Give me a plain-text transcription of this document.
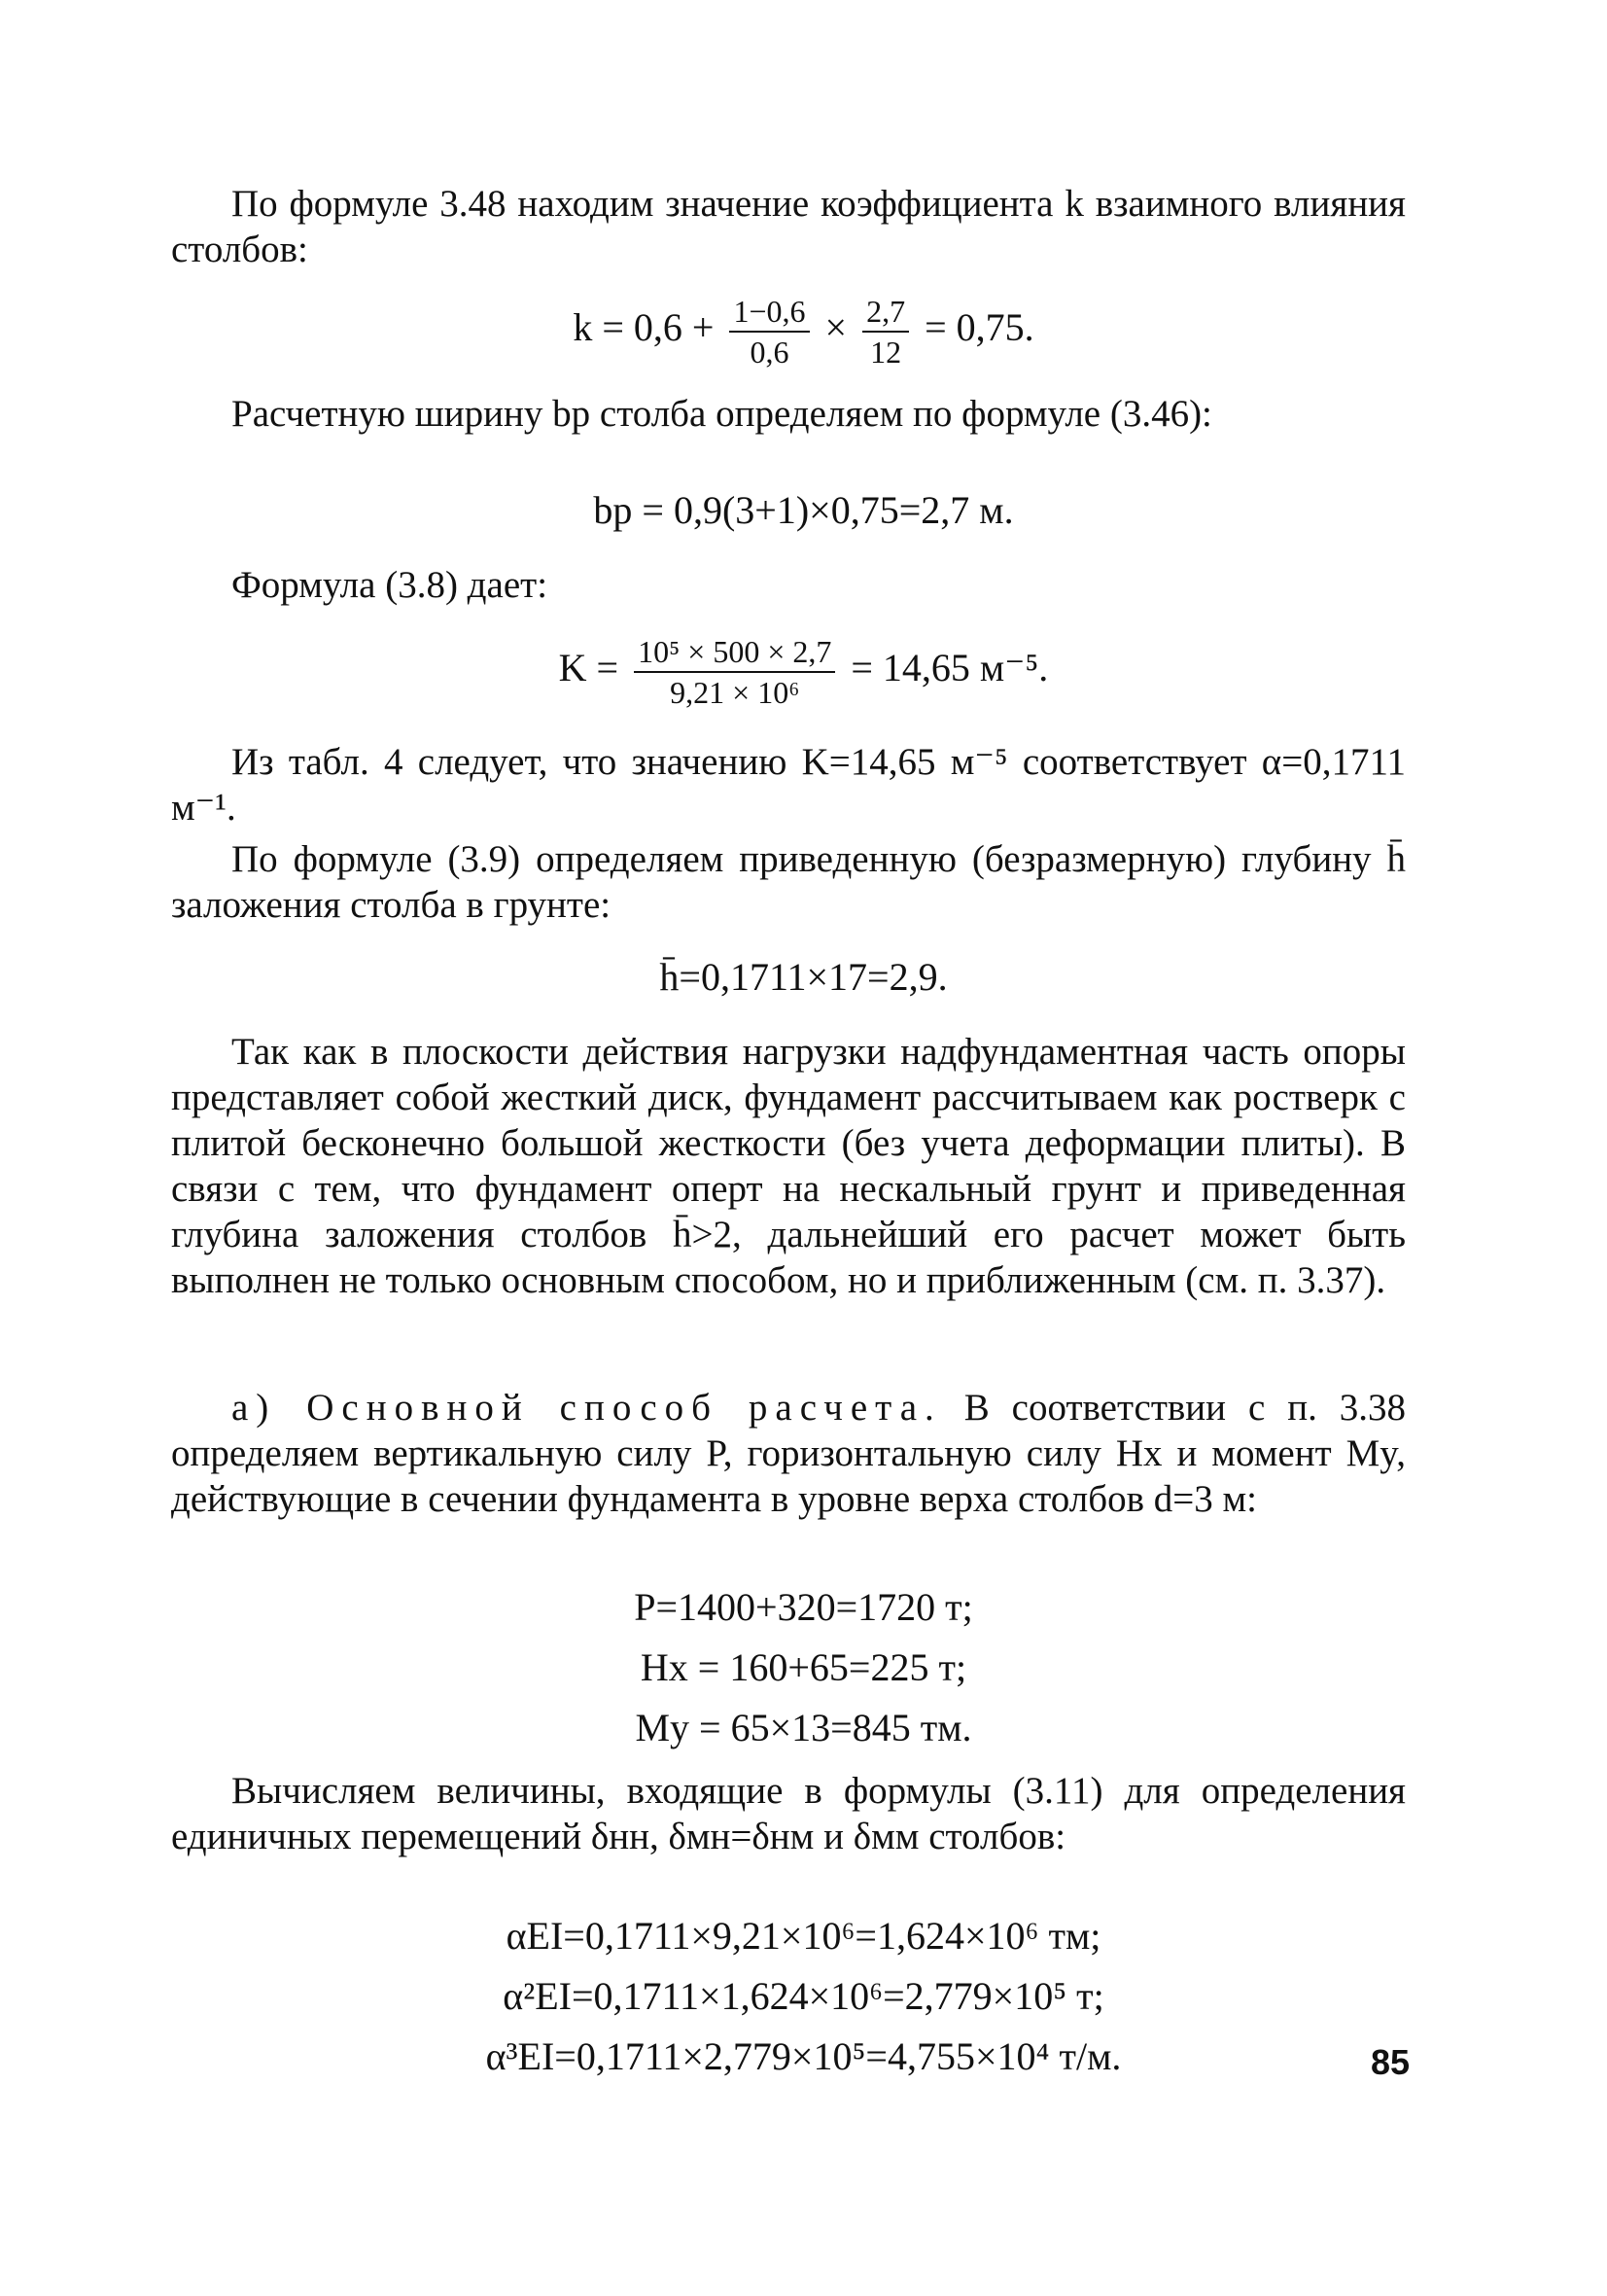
По формуле 3.48 находим значение коэффициента k взаимного влияния столбов:

$k = 0,6 + \frac{1-0,6}{0,6} \times \frac{2,7}{12} = 0,75$.

Расчетную ширину bр столба определяем по формуле (3.46):

bр = 0,9(3+1)×0,75=2,7 м.

Формула (3.8) дает:

$K = \frac{\text{10⁵ × 500 × 2,7}}{\text{9,21 × 10⁶}} = 14,65$ м⁻⁵.

Из табл. 4 следует, что значению K=14,65 м⁻⁵ соответствует α=0,1711 м⁻¹.

По формуле (3.9) определяем приведенную (безразмерную) глубину h̄ заложения столба в грунте:

h̄=0,1711×17=2,9.

Так как в плоскости действия нагрузки надфундаментная часть опоры представляет собой жесткий диск, фундамент рассчитываем как ростверк с плитой бесконечно большой жесткости (без учета деформации плиты). В связи с тем, что фундамент оперт на нескальный грунт и приведенная глубина заложения столбов h̄>2, дальнейший его расчет может быть выполнен не только основным способом, но и приближенным (см. п. 3.37).

а) Основной способ расчета. В соответствии с п. 3.38 определяем вертикальную силу P, горизонтальную силу Hx и момент My, действующие в сечении фундамента в уровне верха столбов d=3 м:

P=1400+320=1720 т;
Hx = 160+65=225 т;
My = 65×13=845 тм.

Вычисляем величины, входящие в формулы (3.11) для определения единичных перемещений δнн, δмн=δнм и δмм столбов:

αEI=0,1711×9,21×10⁶=1,624×10⁶ тм;
α²EI=0,1711×1,624×10⁶=2,779×10⁵ т;
α³EI=0,1711×2,779×10⁵=4,755×10⁴ т/м.	85
